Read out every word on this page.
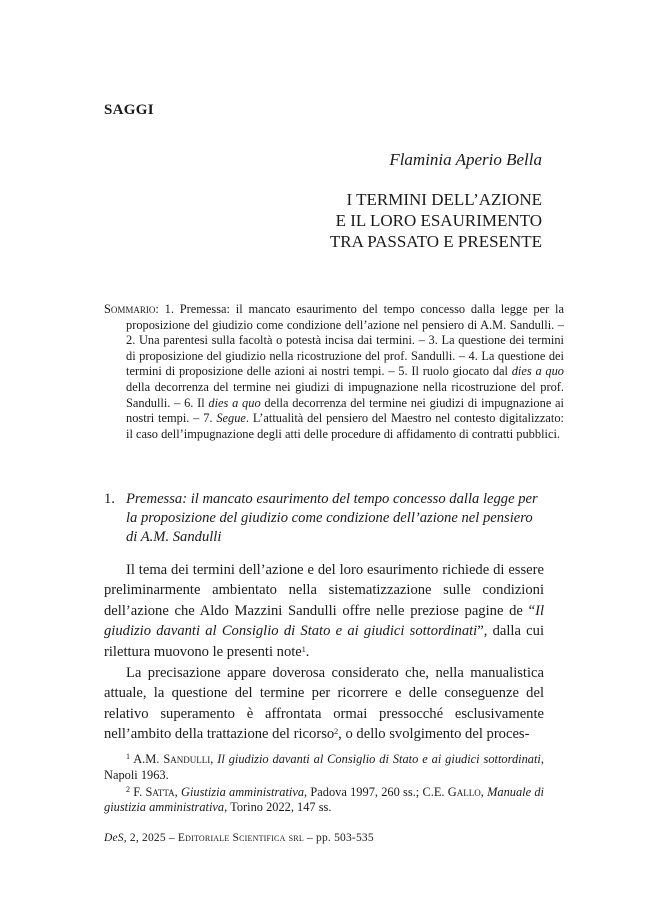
SAGGI
Flaminia Aperio Bella
I TERMINI DELL’AZIONE
E IL LORO ESAURIMENTO
TRA PASSATO E PRESENTE
Sommario: 1. Premessa: il mancato esaurimento del tempo concesso dalla legge per la proposizione del giudizio come condizione dell’azione nel pensiero di A.M. Sandulli. – 2. Una parentesi sulla facoltà o potestà incisa dai termini. – 3. La questione dei termini di proposizione del giudizio nella ricostruzione del prof. Sandulli. – 4. La questione dei termini di proposizione delle azioni ai nostri tempi. – 5. Il ruolo giocato dal dies a quo della decorrenza del termine nei giudizi di impugnazione nella ricostruzione del prof. Sandulli. – 6. Il dies a quo della decorrenza del termine nei giudizi di impugnazione ai nostri tempi. – 7. Segue. L’attualità del pensiero del Maestro nel contesto digitalizzato: il caso dell’impugnazione degli atti delle procedure di affidamento di contratti pubblici.
1. Premessa: il mancato esaurimento del tempo concesso dalla legge per la proposizione del giudizio come condizione dell’azione nel pensiero di A.M. Sandulli

Il tema dei termini dell’azione e del loro esaurimento richiede di essere preliminarmente ambientato nella sistematizzazione sulle condizioni dell’azione che Aldo Mazzini Sandulli offre nelle preziose pagine de “Il giudizio davanti al Consiglio di Stato e ai giudici sottordinati”, dalla cui rilettura muovono le presenti note$^1$.

La precisazione appare doverosa considerato che, nella manualistica attuale, la questione del termine per ricorrere e delle conseguenze del relativo superamento è affrontata ormai pressocché esclusivamente nell’ambito della trattazione del ricorso$^2$, o dello svolgimento del proces-

$^1$ A.M. Sandulli, Il giudizio davanti al Consiglio di Stato e ai giudici sottordinati, Napoli 1963.

$^2$ F. Satta, Giustizia amministrativa, Padova 1997, 260 ss.; C.E. Gallo, Manuale di giustizia amministrativa, Torino 2022, 147 ss.

DeS, 2, 2025 – Editoriale Scientifica srl – pp. 503-535
